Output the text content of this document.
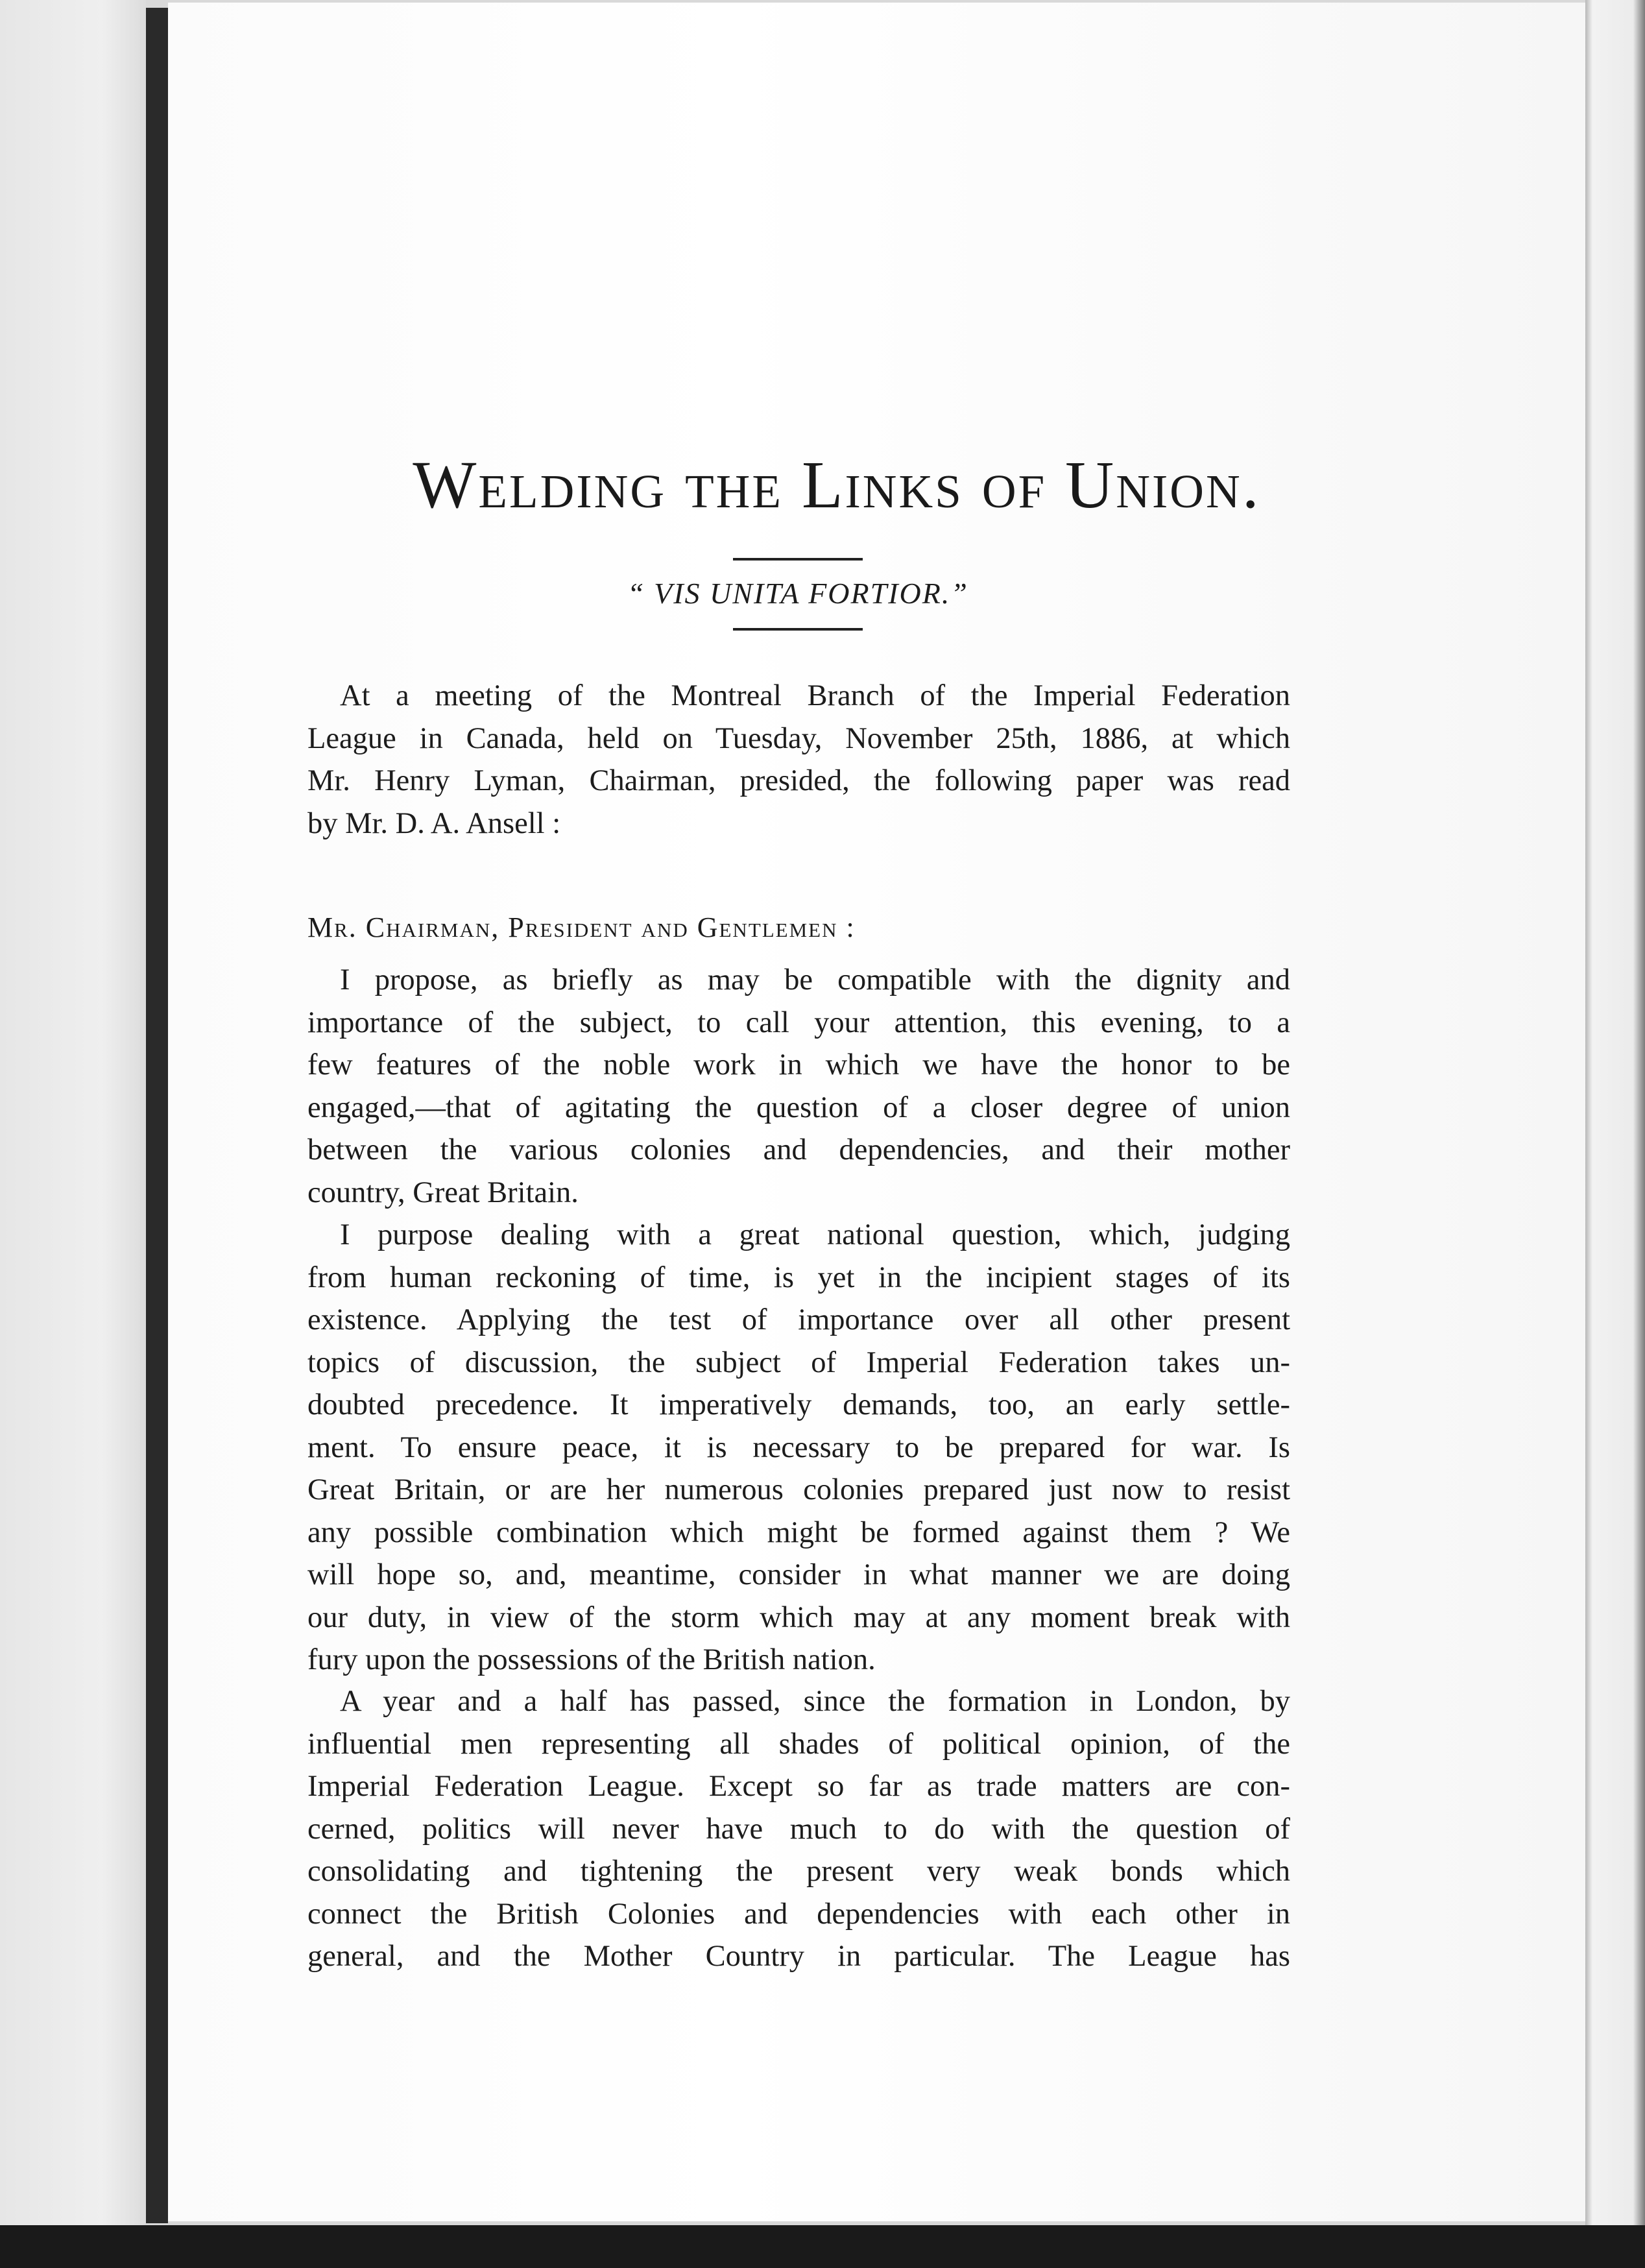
Welding the Links of Union.
“ VIS UNITA FORTIOR.”
At a meeting of the Montreal Branch of the Imperial Federation
League in Canada, held on Tuesday, November 25th, 1886, at which
Mr. Henry Lyman, Chairman, presided, the following paper was read
by Mr. D. A. Ansell :
Mr. Chairman, President and Gentlemen :
I propose, as briefly as may be compatible with the dignity and
importance of the subject, to call your attention, this evening, to a
few features of the noble work in which we have the honor to be
engaged,—that of agitating the question of a closer degree of union
between the various colonies and dependencies, and their mother
country, Great Britain.
I purpose dealing with a great national question, which, judging
from human reckoning of time, is yet in the incipient stages of its
existence. Applying the test of importance over all other present
topics of discussion, the subject of Imperial Federation takes un-
doubted precedence. It imperatively demands, too, an early settle-
ment. To ensure peace, it is necessary to be prepared for war. Is
Great Britain, or are her numerous colonies prepared just now to resist
any possible combination which might be formed against them ? We
will hope so, and, meantime, consider in what manner we are doing
our duty, in view of the storm which may at any moment break with
fury upon the possessions of the British nation.
A year and a half has passed, since the formation in London, by
influential men representing all shades of political opinion, of the
Imperial Federation League. Except so far as trade matters are con-
cerned, politics will never have much to do with the question of
consolidating and tightening the present very weak bonds which
connect the British Colonies and dependencies with each other in
general, and the Mother Country in particular. The League has
